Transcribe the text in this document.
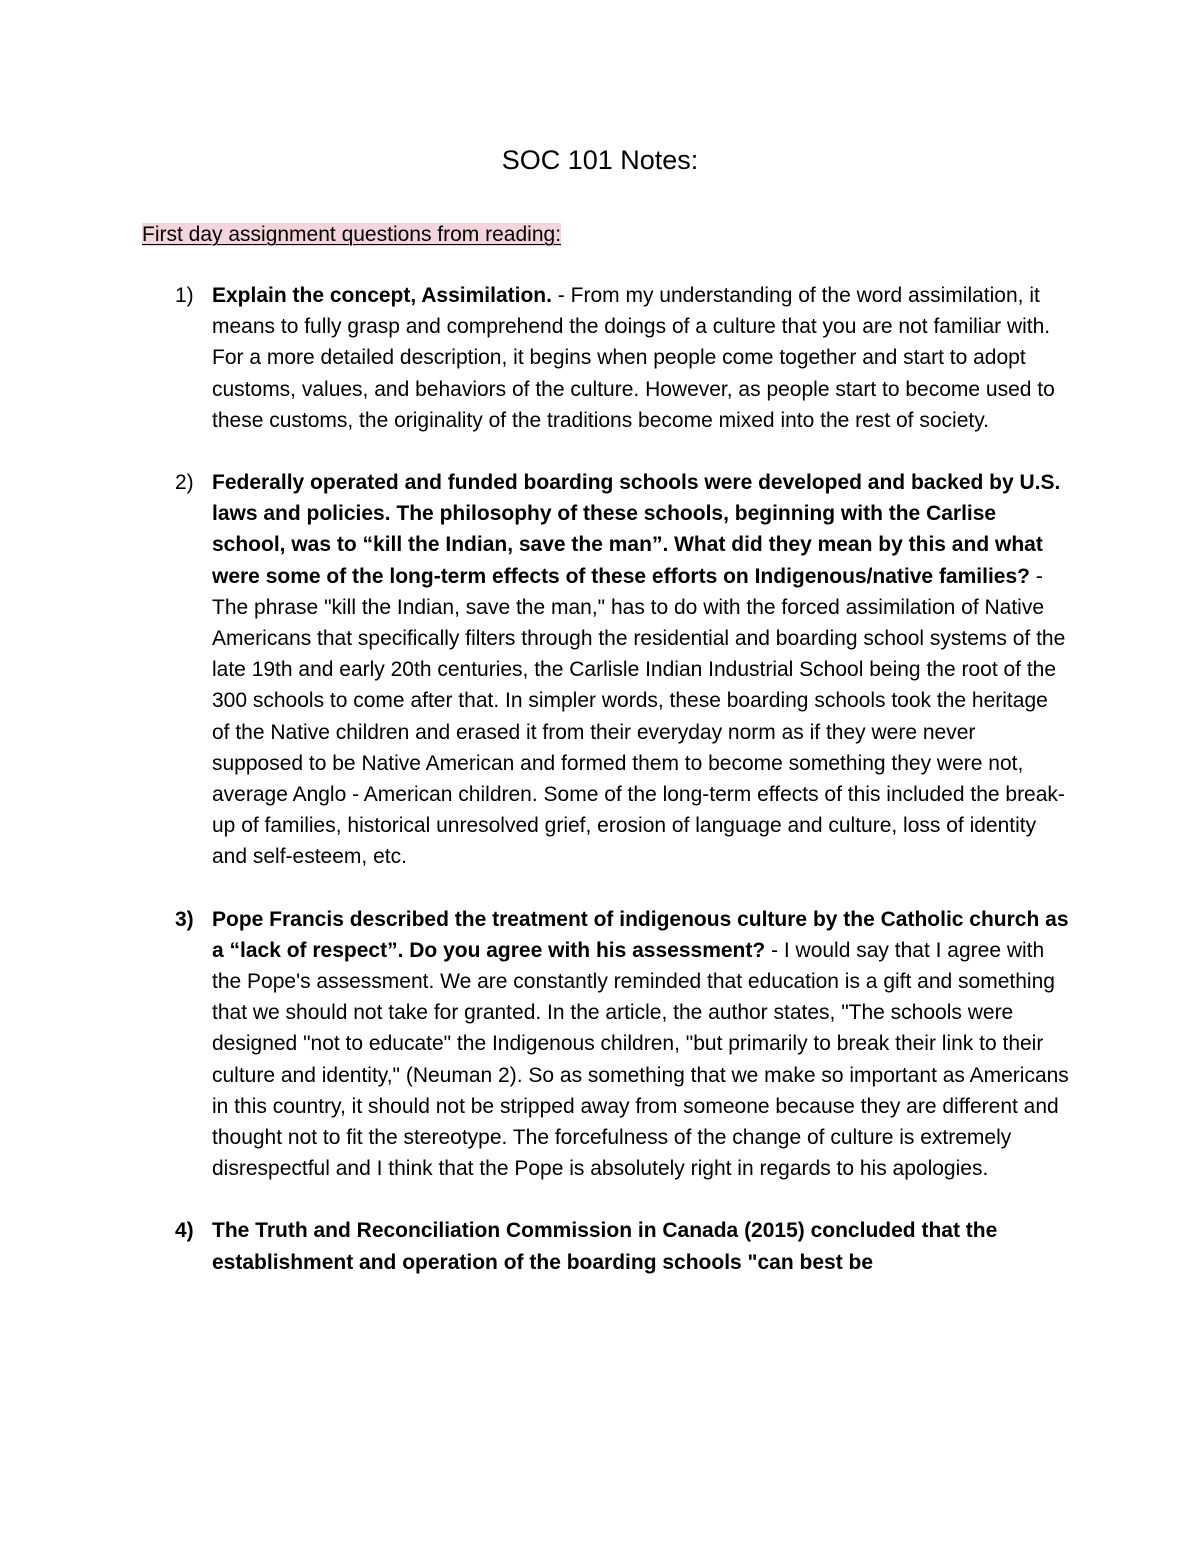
SOC 101 Notes:

First day assignment questions from reading:

1) Explain the concept, Assimilation. - From my understanding of the word assimilation, it means to fully grasp and comprehend the doings of a culture that you are not familiar with. For a more detailed description, it begins when people come together and start to adopt customs, values, and behaviors of the culture. However, as people start to become used to these customs, the originality of the traditions become mixed into the rest of society.
2) Federally operated and funded boarding schools were developed and backed by U.S. laws and policies. The philosophy of these schools, beginning with the Carlise school, was to “kill the Indian, save the man”. What did they mean by this and what were some of the long-term effects of these efforts on Indigenous/native families? - The phrase "kill the Indian, save the man," has to do with the forced assimilation of Native Americans that specifically filters through the residential and boarding school systems of the late 19th and early 20th centuries, the Carlisle Indian Industrial School being the root of the 300 schools to come after that. In simpler words, these boarding schools took the heritage of the Native children and erased it from their everyday norm as if they were never supposed to be Native American and formed them to become something they were not, average Anglo - American children. Some of the long-term effects of this included the break-up of families, historical unresolved grief, erosion of language and culture, loss of identity and self-esteem, etc.
3) Pope Francis described the treatment of indigenous culture by the Catholic church as a “lack of respect”. Do you agree with his assessment? - I would say that I agree with the Pope's assessment. We are constantly reminded that education is a gift and something that we should not take for granted. In the article, the author states, "The schools were designed "not to educate" the Indigenous children, "but primarily to break their link to their culture and identity," (Neuman 2). So as something that we make so important as Americans in this country, it should not be stripped away from someone because they are different and thought not to fit the stereotype. The forcefulness of the change of culture is extremely disrespectful and I think that the Pope is absolutely right in regards to his apologies.
4) The Truth and Reconciliation Commission in Canada (2015) concluded that the establishment and operation of the boarding schools "can best be
